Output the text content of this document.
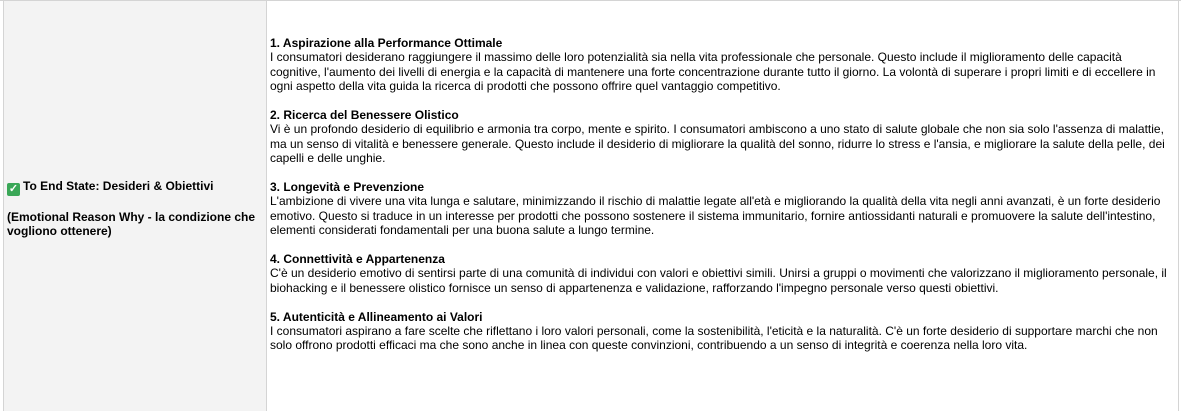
✓ To End State: Desideri & Obiettivi
(Emotional Reason Why - la condizione che vogliono ottenere)
1. Aspirazione alla Performance Ottimale
I consumatori desiderano raggiungere il massimo delle loro potenzialità sia nella vita professionale che personale. Questo include il miglioramento delle capacità cognitive, l'aumento dei livelli di energia e la capacità di mantenere una forte concentrazione durante tutto il giorno. La volontà di superare i propri limiti e di eccellere in ogni aspetto della vita guida la ricerca di prodotti che possono offrire quel vantaggio competitivo.
2. Ricerca del Benessere Olistico
Vi è un profondo desiderio di equilibrio e armonia tra corpo, mente e spirito. I consumatori ambiscono a uno stato di salute globale che non sia solo l'assenza di malattie, ma un senso di vitalità e benessere generale. Questo include il desiderio di migliorare la qualità del sonno, ridurre lo stress e l'ansia, e migliorare la salute della pelle, dei capelli e delle unghie.
3. Longevità e Prevenzione
L'ambizione di vivere una vita lunga e salutare, minimizzando il rischio di malattie legate all'età e migliorando la qualità della vita negli anni avanzati, è un forte desiderio emotivo. Questo si traduce in un interesse per prodotti che possono sostenere il sistema immunitario, fornire antiossidanti naturali e promuovere la salute dell'intestino, elementi considerati fondamentali per una buona salute a lungo termine.
4. Connettività e Appartenenza
C'è un desiderio emotivo di sentirsi parte di una comunità di individui con valori e obiettivi simili. Unirsi a gruppi o movimenti che valorizzano il miglioramento personale, il biohacking e il benessere olistico fornisce un senso di appartenenza e validazione, rafforzando l'impegno personale verso questi obiettivi.
5. Autenticità e Allineamento ai Valori
I consumatori aspirano a fare scelte che riflettano i loro valori personali, come la sostenibilità, l'eticità e la naturalità. C'è un forte desiderio di supportare marchi che non solo offrono prodotti efficaci ma che sono anche in linea con queste convinzioni, contribuendo a un senso di integrità e coerenza nella loro vita.
